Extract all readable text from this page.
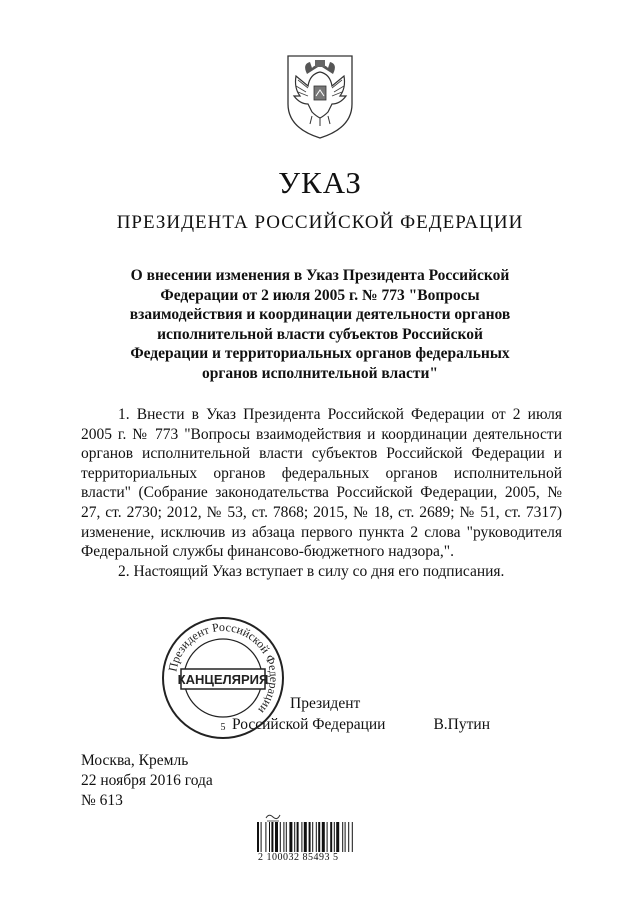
УКАЗ
ПРЕЗИДЕНТА РОССИЙСКОЙ ФЕДЕРАЦИИ
О внесении изменения в Указ Президента Российской
Федерации от 2 июля 2005 г. № 773 "Вопросы
взаимодействия и координации деятельности органов
исполнительной власти субъектов Российской
Федерации и территориальных органов федеральных
органов исполнительной власти"

1. Внести в Указ Президента Российской Федерации от 2 июля 2005 г. № 773 "Вопросы взаимодействия и координации деятельности органов исполнительной власти субъектов Российской Федерации и территориальных органов федеральных органов исполнительной власти" (Собрание законодательства Российской Федерации, 2005, № 27, ст. 2730; 2012, № 53, ст. 7868; 2015, № 18, ст. 2689; № 51, ст. 7317) изменение, исключив из абзаца первого пункта 2 слова "руководителя Федеральной службы финансово-бюджетного надзора,".

2. Настоящий Указ вступает в силу со дня его подписания.

Президент
Российской Федерации	В.Путин
Президент Российской Федерации
КАНЦЕЛЯРИЯ
5
Москва, Кремль
22 ноября 2016 года
№ 613
2 100032 85493 5
